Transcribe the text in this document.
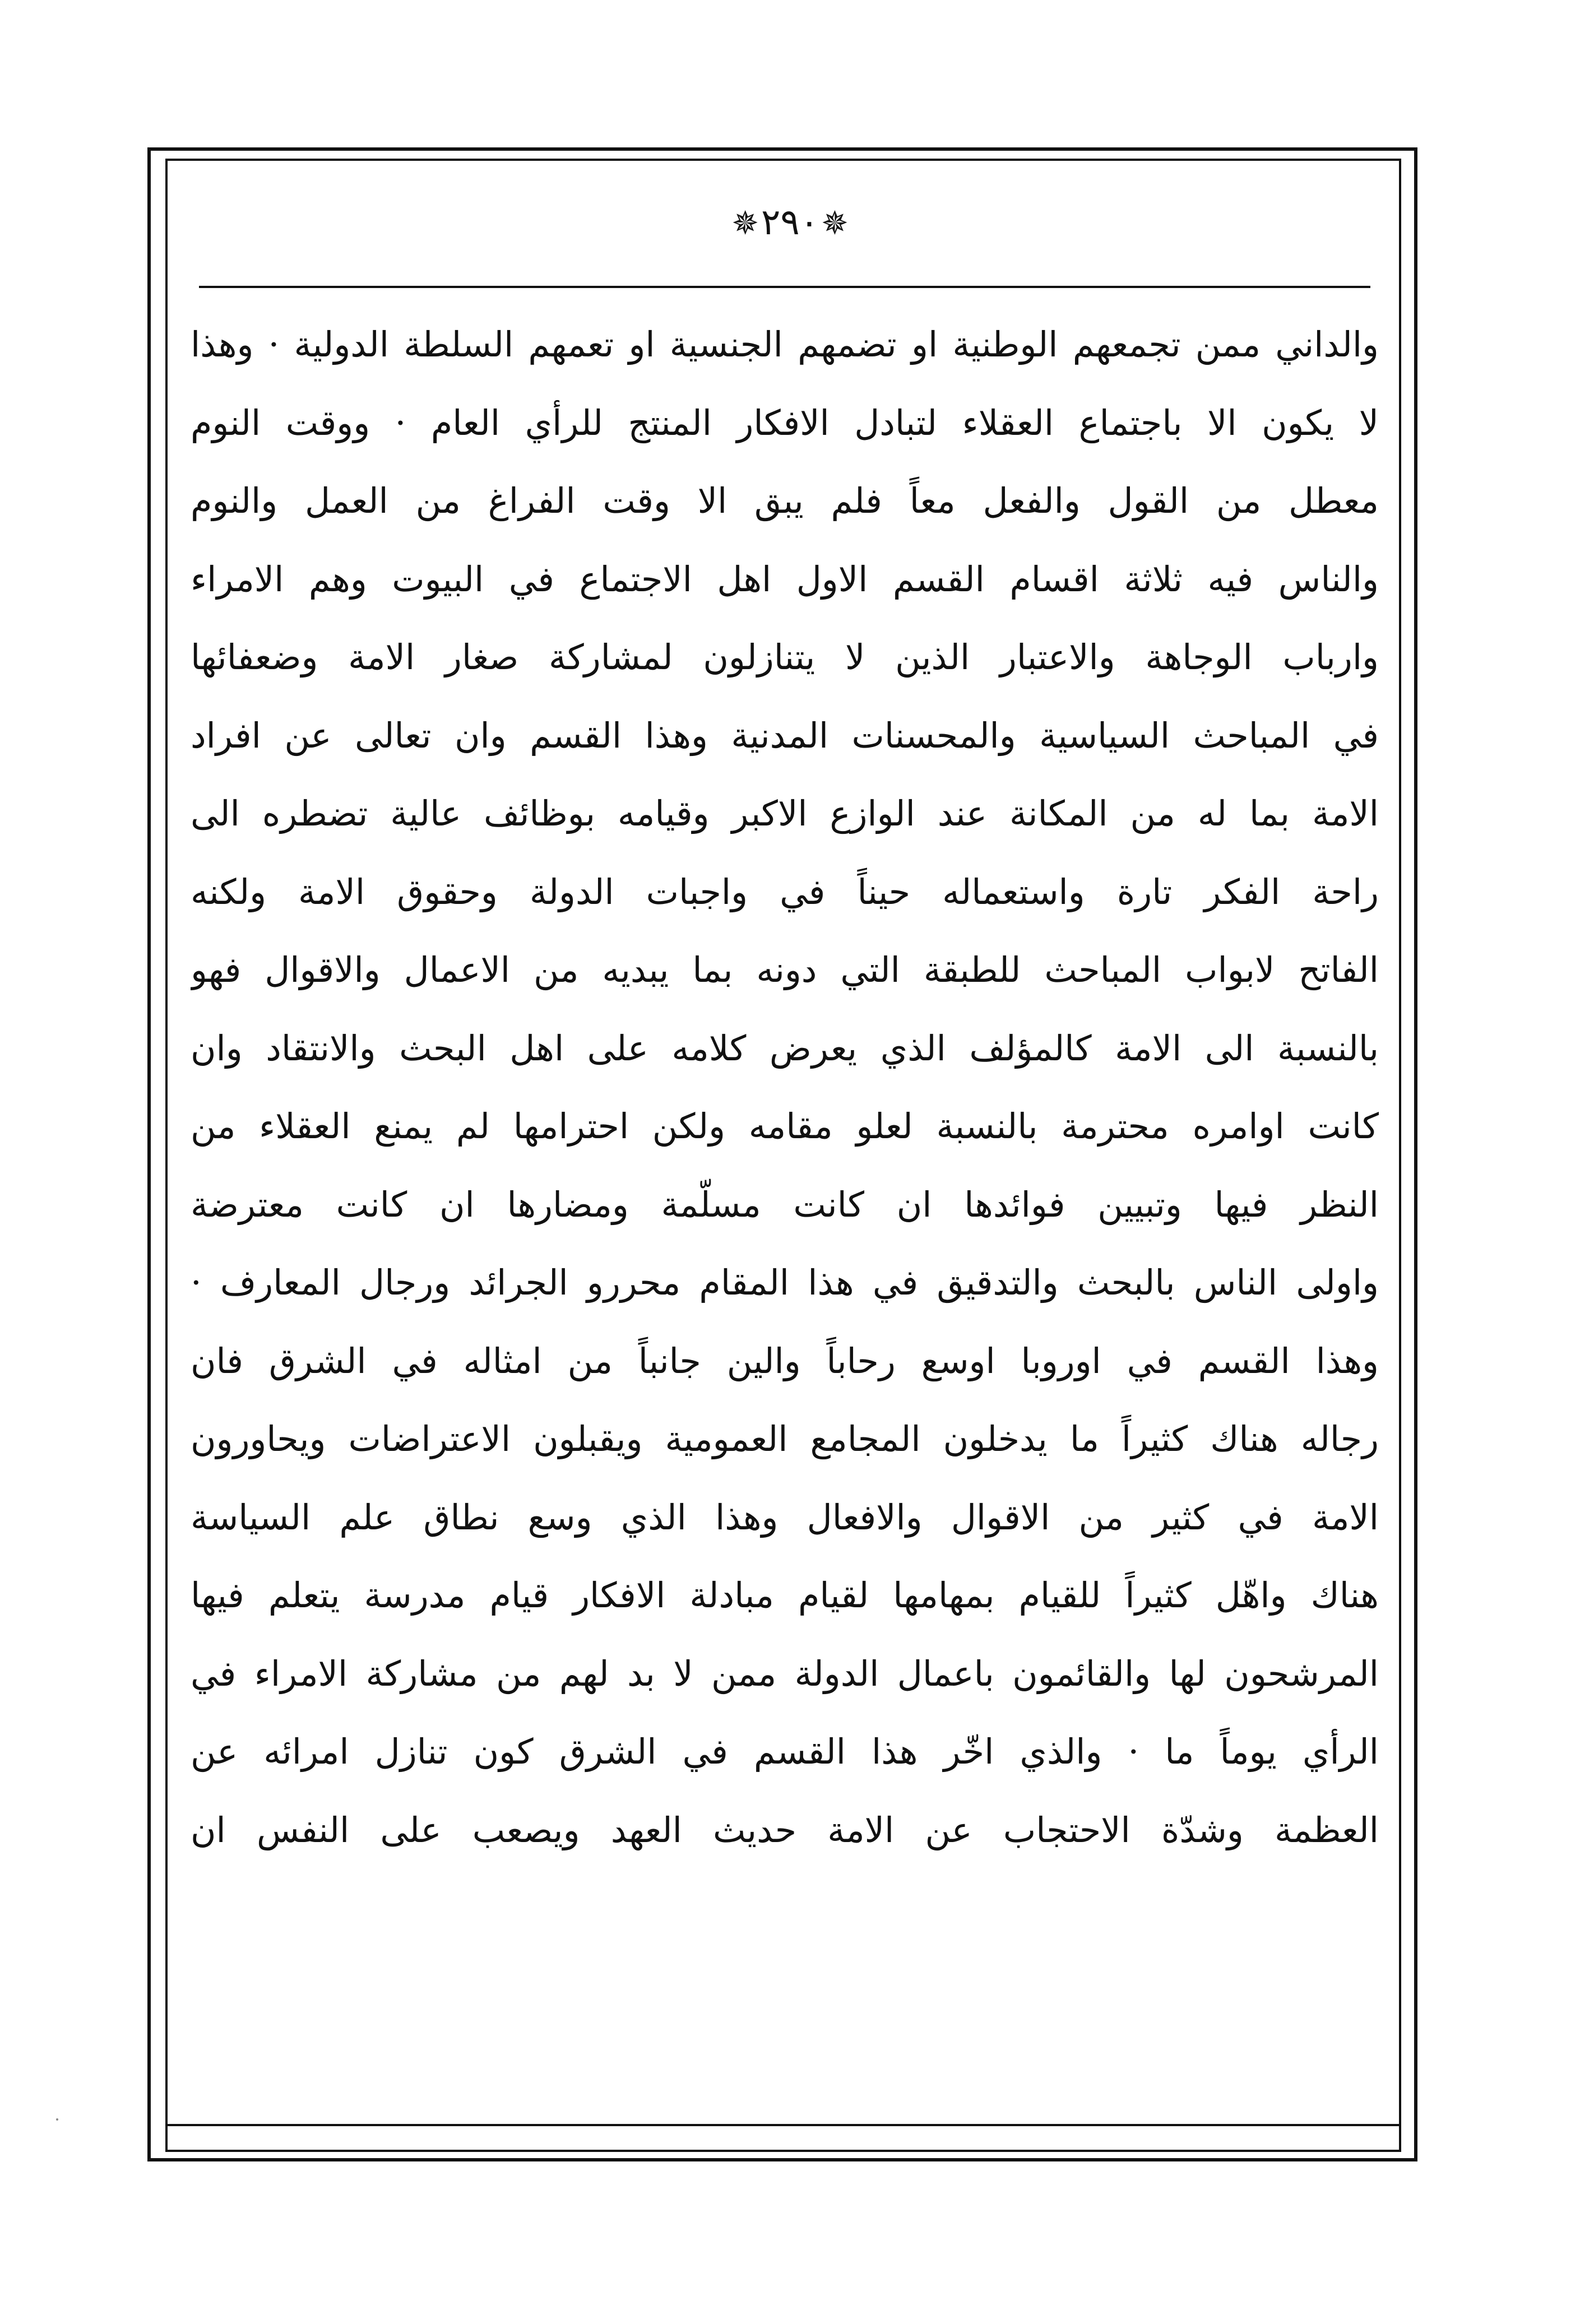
✵٢٩٠✵
والداني ممن تجمعهم الوطنية او تضمهم الجنسية او تعمهم السلطة الدولية · وهذا
لا يكون الا باجتماع العقلاء لتبادل الافكار المنتج للرأي العام · ووقت النوم
معطل من القول والفعل معاً فلم يبق الا وقت الفراغ من العمل والنوم
والناس فيه ثلاثة اقسام القسم الاول اهل الاجتماع في البيوت وهم الامراء
وارباب الوجاهة والاعتبار الذين لا يتنازلون لمشاركة صغار الامة وضعفائها
في المباحث السياسية والمحسنات المدنية وهذا القسم وان تعالى عن افراد
الامة بما له من المكانة عند الوازع الاكبر وقيامه بوظائف عالية تضطره الى
راحة الفكر تارة واستعماله حيناً في واجبات الدولة وحقوق الامة ولكنه
الفاتح لابواب المباحث للطبقة التي دونه بما يبديه من الاعمال والاقوال فهو
بالنسبة الى الامة كالمؤلف الذي يعرض كلامه على اهل البحث والانتقاد وان
كانت اوامره محترمة بالنسبة لعلو مقامه ولكن احترامها لم يمنع العقلاء من
النظر فيها وتبيين فوائدها ان كانت مسلّمة ومضارها ان كانت معترضة
واولى الناس بالبحث والتدقيق في هذا المقام محررو الجرائد ورجال المعارف ·
وهذا القسم في اوروبا اوسع رحاباً والين جانباً من امثاله في الشرق فان
رجاله هناك كثيراً ما يدخلون المجامع العمومية ويقبلون الاعتراضات ويحاورون
الامة في كثير من الاقوال والافعال وهذا الذي وسع نطاق علم السياسة
هناك واهّل كثيراً للقيام بمهامها لقيام مبادلة الافكار قيام مدرسة يتعلم فيها
المرشحون لها والقائمون باعمال الدولة ممن لا بد لهم من مشاركة الامراء في
الرأي يوماً ما · والذي اخّر هذا القسم في الشرق كون تنازل امرائه عن
العظمة وشدّة الاحتجاب عن الامة حديث العهد ويصعب على النفس ان
